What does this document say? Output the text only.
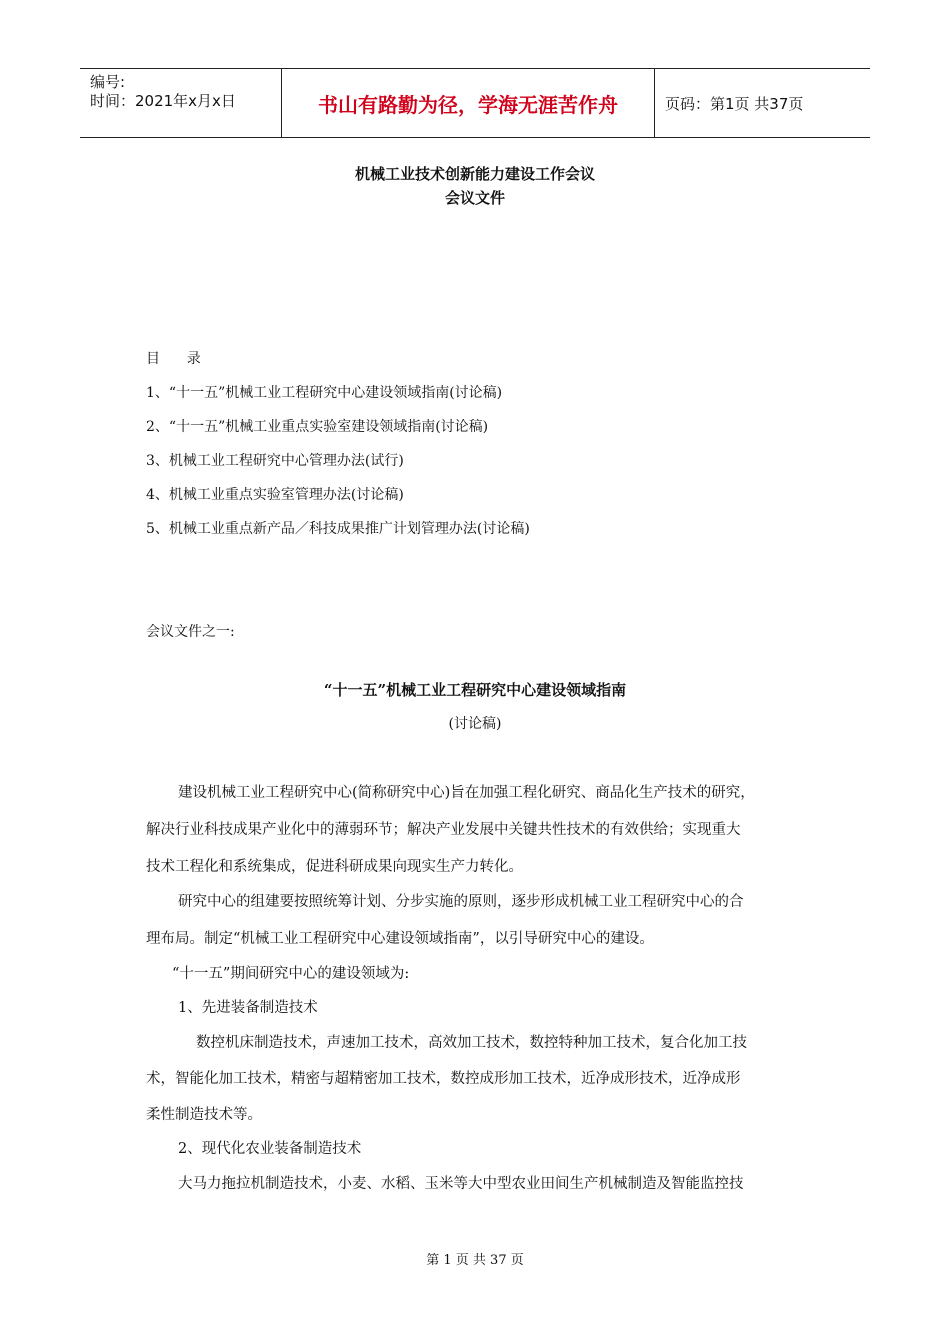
编号:
时间：2021年x月x日	书山有路勤为径，学海无涯苦作舟	页码：第1页 共37页
机械工业技术创新能力建设工作会议
会议文件
目      录
1、“十一五”机械工业工程研究中心建设领域指南(讨论稿)
2、“十一五”机械工业重点实验室建设领域指南(讨论稿)
3、机械工业工程研究中心管理办法(试行)
4、机械工业重点实验室管理办法(讨论稿)
5、机械工业重点新产品／科技成果推广计划管理办法(讨论稿)
会议文件之一:
“十一五”机械工业工程研究中心建设领域指南
(讨论稿)
建设机械工业工程研究中心(简称研究中心)旨在加强工程化研究、商品化生产技术的研究，
解决行业科技成果产业化中的薄弱环节；解决产业发展中关键共性技术的有效供给；实现重大
技术工程化和系统集成，促进科研成果向现实生产力转化。
研究中心的组建要按照统筹计划、分步实施的原则，逐步形成机械工业工程研究中心的合
理布局。制定“机械工业工程研究中心建设领域指南”，以引导研究中心的建设。
“十一五”期间研究中心的建设领域为:
1、先进装备制造技术
数控机床制造技术，声速加工技术，高效加工技术，数控特种加工技术，复合化加工技
术，智能化加工技术，精密与超精密加工技术，数控成形加工技术，近净成形技术，近净成形
柔性制造技术等。
2、现代化农业装备制造技术
大马力拖拉机制造技术，小麦、水稻、玉米等大中型农业田间生产机械制造及智能监控技
第 1 页 共 37 页
